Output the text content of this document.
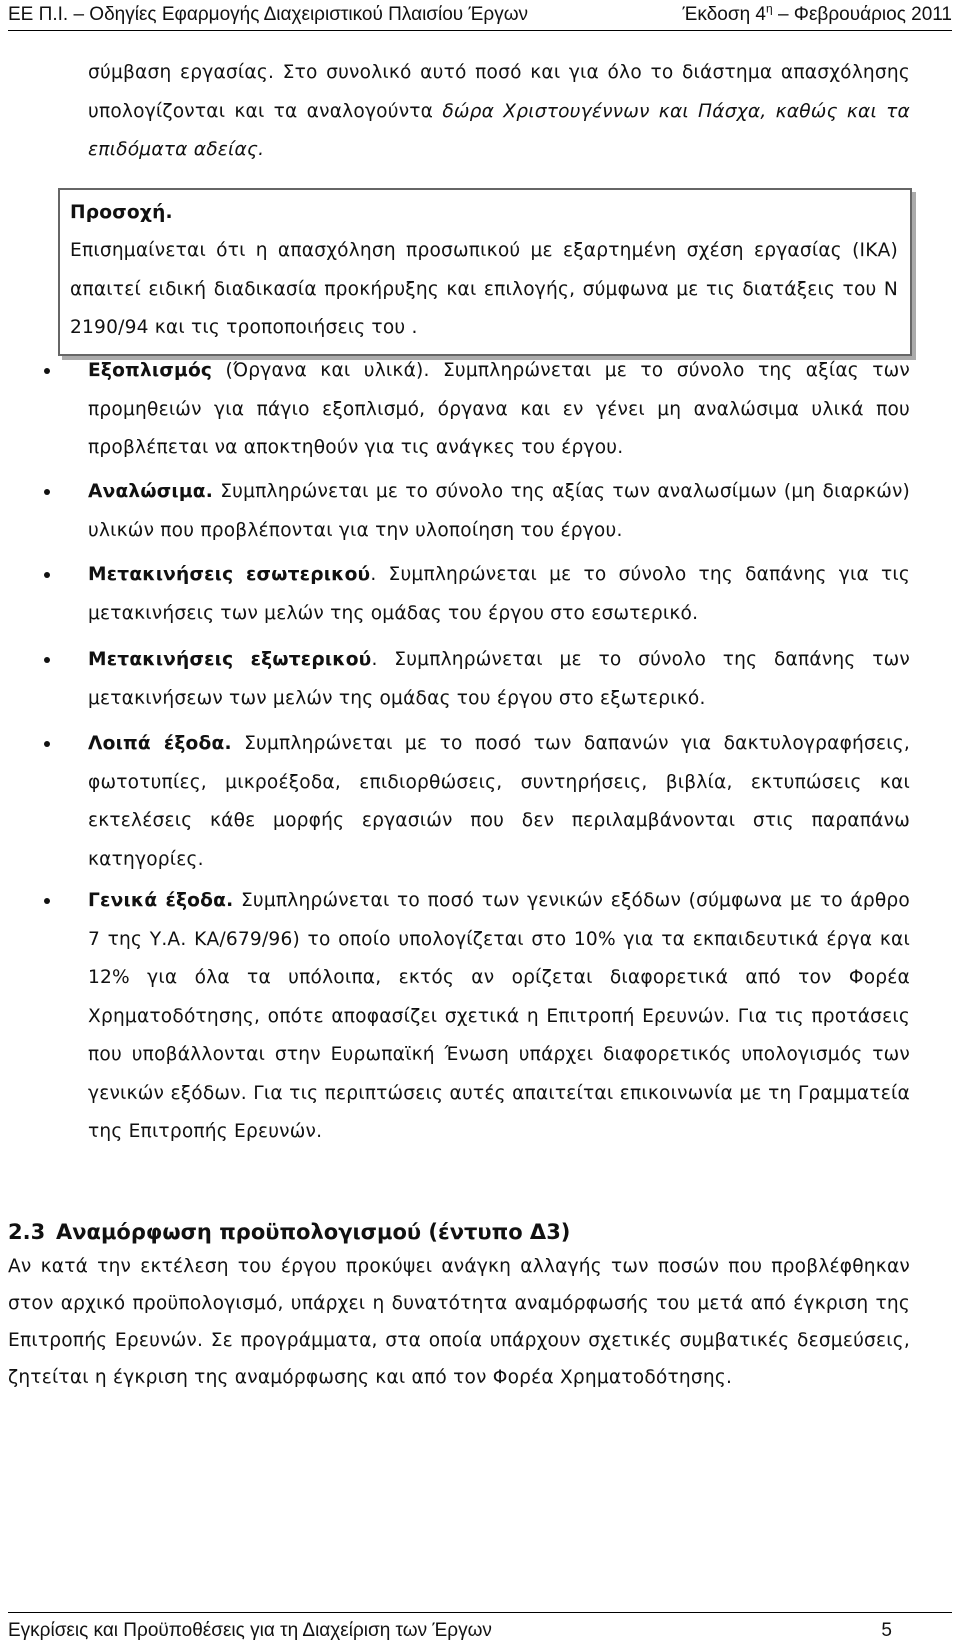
ΕΕ Π.Ι. – Οδηγίες Εφαρμογής Διαχειριστικού Πλαισίου Έργων	Έκδοση $4^\eta$ – Φεβρουάριος 2011
σύμβαση εργασίας. Στο συνολικό αυτό ποσό και για όλο το διάστημα απασχόλησης υπολογίζονται και τα αναλογούντα δώρα Χριστουγέννων και Πάσχα, καθώς και τα επιδόματα αδείας.
Προσοχή.
Επισημαίνεται ότι η απασχόληση προσωπικού με εξαρτημένη σχέση εργασίας (ΙΚΑ) απαιτεί ειδική διαδικασία προκήρυξης και επιλογής, σύμφωνα με τις διατάξεις του Ν 2190/94 και τις τροποποιήσεις του .
Εξοπλισμός (Όργανα και υλικά). Συμπληρώνεται με το σύνολο της αξίας των προμηθειών για πάγιο εξοπλισμό, όργανα και εν γένει μη αναλώσιμα υλικά που προβλέπεται να αποκτηθούν για τις ανάγκες του έργου.
Αναλώσιμα. Συμπληρώνεται με το σύνολο της αξίας των αναλωσίμων (μη διαρκών) υλικών που προβλέπονται για την υλοποίηση του έργου.
Μετακινήσεις εσωτερικού. Συμπληρώνεται με το σύνολο της δαπάνης για τις μετακινήσεις των μελών της ομάδας του έργου στο εσωτερικό.
Μετακινήσεις εξωτερικού. Συμπληρώνεται με το σύνολο της δαπάνης των μετακινήσεων των μελών της ομάδας του έργου στο εξωτερικό.
Λοιπά έξοδα. Συμπληρώνεται με το ποσό των δαπανών για δακτυλογραφήσεις, φωτοτυπίες, μικροέξοδα, επιδιορθώσεις, συντηρήσεις, βιβλία, εκτυπώσεις και εκτελέσεις κάθε μορφής εργασιών που δεν περιλαμβάνονται στις παραπάνω κατηγορίες.
Γενικά έξοδα. Συμπληρώνεται το ποσό των γενικών εξόδων (σύμφωνα με το άρθρο 7 της Υ.Α. ΚΑ/679/96) το οποίο υπολογίζεται στο 10% για τα εκπαιδευτικά έργα και 12% για όλα τα υπόλοιπα, εκτός αν ορίζεται διαφορετικά από τον Φορέα Χρηματοδότησης, οπότε αποφασίζει σχετικά η Επιτροπή Ερευνών. Για τις προτάσεις που υποβάλλονται στην Ευρωπαϊκή Ένωση υπάρχει διαφορετικός υπολογισμός των γενικών εξόδων. Για τις περιπτώσεις αυτές απαιτείται επικοινωνία με τη Γραμματεία της Επιτροπής Ερευνών.
2.3 Αναμόρφωση προϋπολογισμού (έντυπο Δ3)
Αν κατά την εκτέλεση του έργου προκύψει ανάγκη αλλαγής των ποσών που προβλέφθηκαν στον αρχικό προϋπολογισμό, υπάρχει η δυνατότητα αναμόρφωσής του μετά από έγκριση της Επιτροπής Ερευνών. Σε προγράμματα, στα οποία υπάρχουν σχετικές συμβατικές δεσμεύσεις, ζητείται η έγκριση της αναμόρφωσης και από τον Φορέα Χρηματοδότησης.
Εγκρίσεις και Προϋποθέσεις για τη Διαχείριση των Έργων	5
